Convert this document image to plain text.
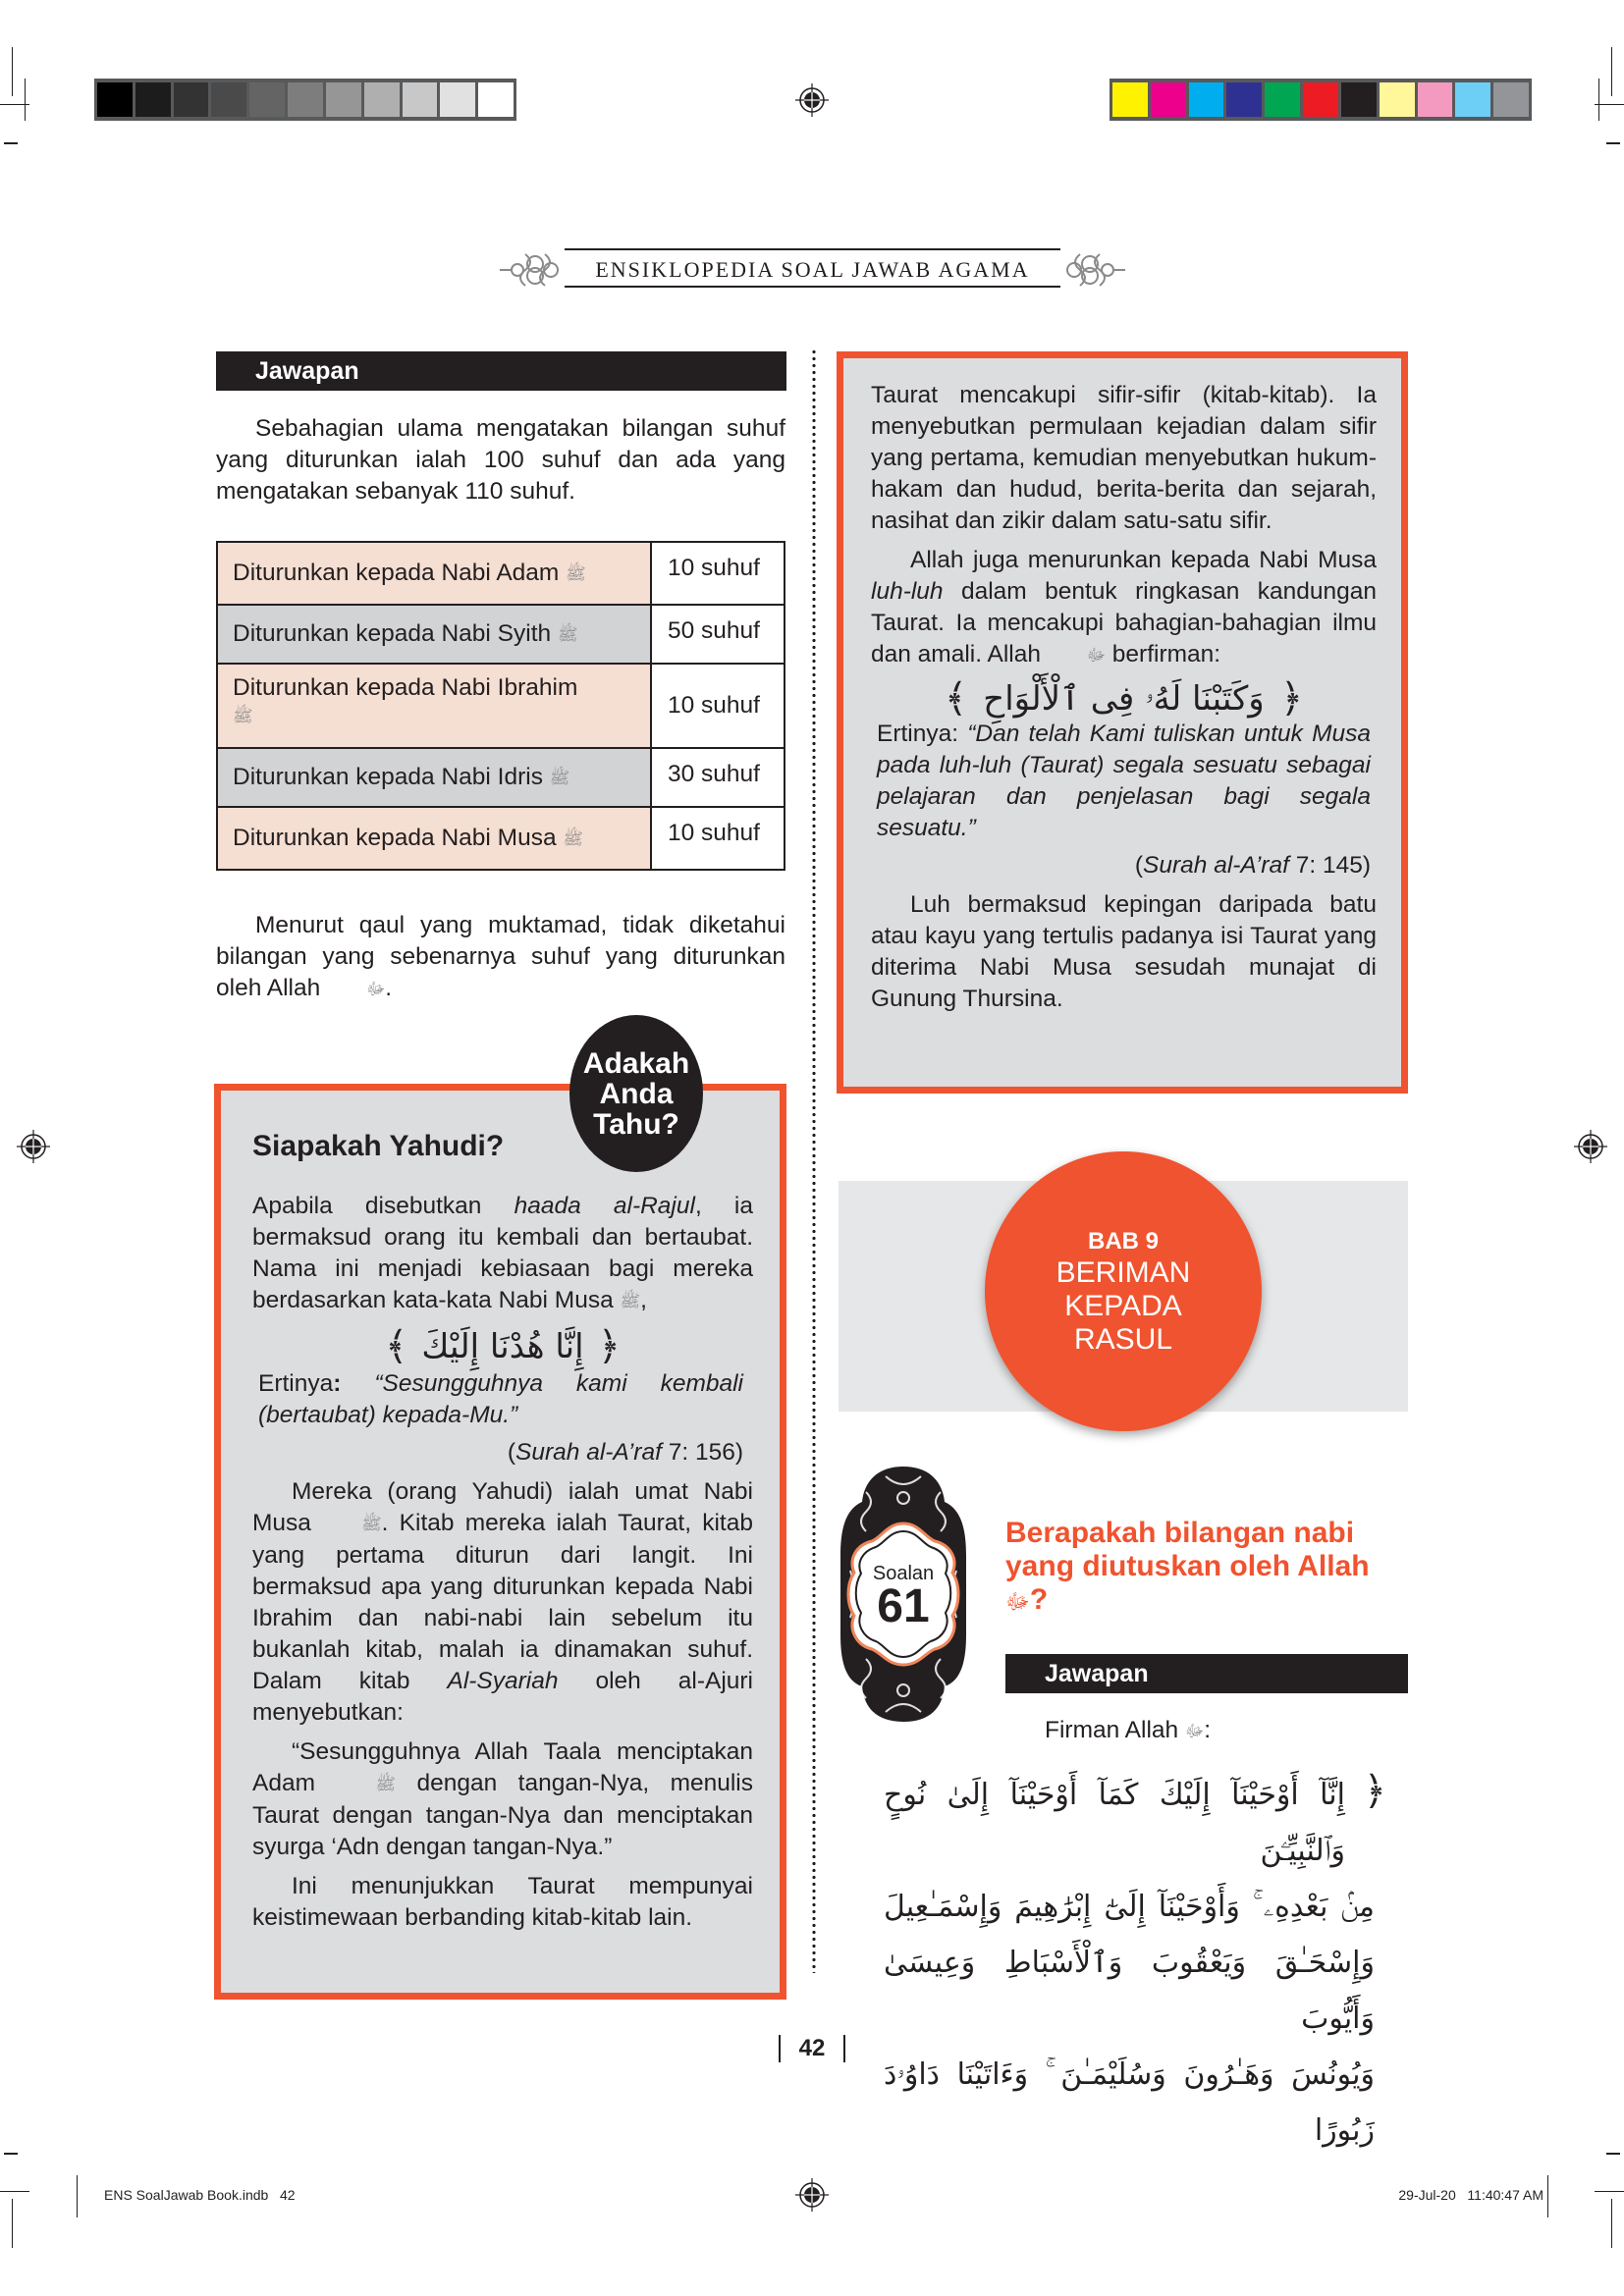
ENSIKLOPEDIA SOAL JAWAB AGAMA
Jawapan

Sebahagian ulama mengatakan bilangan suhuf yang diturunkan ialah 100 suhuf dan ada yang mengatakan sebanyak 110 suhuf.

Diturunkan kepada Nabi Adam ﷺ	10 suhuf
Diturunkan kepada Nabi Syith ﷺ	50 suhuf
Diturunkan kepada Nabi Ibrahim
ﷺ	10 suhuf
Diturunkan kepada Nabi Idris ﷺ	30 suhuf
Diturunkan kepada Nabi Musa ﷺ	10 suhuf

Menurut qaul yang muktamad, tidak diketahui bilangan yang sebenarnya suhuf yang diturunkan oleh Allah	ﷻ.

Siapakah Yahudi?

Apabila disebutkan haada al-Rajul, ia bermaksud orang itu kembali dan bertaubat. Nama ini menjadi kebiasaan bagi mereka berdasarkan kata-kata Nabi Musa ﷺ,

﴾ إِنَّا هُدْنَا إِلَيْكَ ﴿

Ertinya: “Sesungguhnya kami kembali (bertaubat) kepada-Mu.”

(Surah al-A’raf 7: 156)

Mereka (orang Yahudi) ialah umat Nabi Musa	ﷺ. Kitab mereka ialah Taurat, kitab yang pertama diturun dari langit. Ini bermaksud apa yang diturunkan kepada Nabi Ibrahim dan nabi-nabi lain sebelum itu bukanlah kitab, malah ia dinamakan suhuf. Dalam kitab Al-Syariah oleh al-Ajuri menyebutkan:

“Sesungguhnya Allah Taala menciptakan Adam	ﷺ dengan tangan-Nya, menulis Taurat dengan tangan-Nya dan menciptakan syurga ‘Adn dengan tangan-Nya.”

Ini menunjukkan Taurat mempunyai keistimewaan berbanding kitab-kitab lain.

Adakah
Anda
Tahu?

Taurat mencakupi sifir-sifir (kitab-kitab). Ia menyebutkan permulaan kejadian dalam sifir yang pertama, kemudian menyebutkan hukum-hakam dan hudud, berita-berita dan sejarah, nasihat dan zikir dalam satu-satu sifir.

Allah juga menurunkan kepada Nabi Musa luh-luh dalam bentuk ringkasan kandungan Taurat. Ia mencakupi bahagian-bahagian ilmu dan amali. Allah	ﷻ berfirman:

﴾ وَكَتَبْنَا لَهُۥ فِى ٱلْأَلْوَاحِ ﴿

Ertinya: “Dan telah Kami tuliskan untuk Musa pada luh-luh (Taurat) segala sesuatu sebagai pelajaran dan penjelasan bagi segala sesuatu.”

(Surah al-A’raf 7: 145)

Luh bermaksud kepingan daripada batu atau kayu yang tertulis padanya isi Taurat yang diterima Nabi Musa sesudah munajat di Gunung Thursina.

BAB 9
BERIMAN
KEPADA
RASUL
Soalan
61
Berapakah bilangan nabi yang diutuskan oleh Allah ﷻ?
Jawapan
Firman Allah ﷻ:
﴿
إِنَّآ أَوْحَيْنَآ إِلَيْكَ كَمَآ أَوْحَيْنَآ إِلَىٰ نُوحٍ وَٱلنَّبِيِّـۧنَ
مِنۢ بَعْدِهِۦ ۚ وَأَوْحَيْنَآ إِلَىٰٓ إِبْرَٰهِيمَ وَإِسْمَـٰعِيلَ
وَإِسْحَـٰقَ وَيَعْقُوبَ وَٱلْأَسْبَاطِ وَعِيسَىٰ وَأَيُّوبَ
وَيُونُسَ وَهَـٰرُونَ وَسُلَيْمَـٰنَ ۚ وَءَاتَيْنَا دَاوُۥدَ زَبُورًا
42
ENS SoalJawab Book.indb   42	29-Jul-20   11:40:47 AM
